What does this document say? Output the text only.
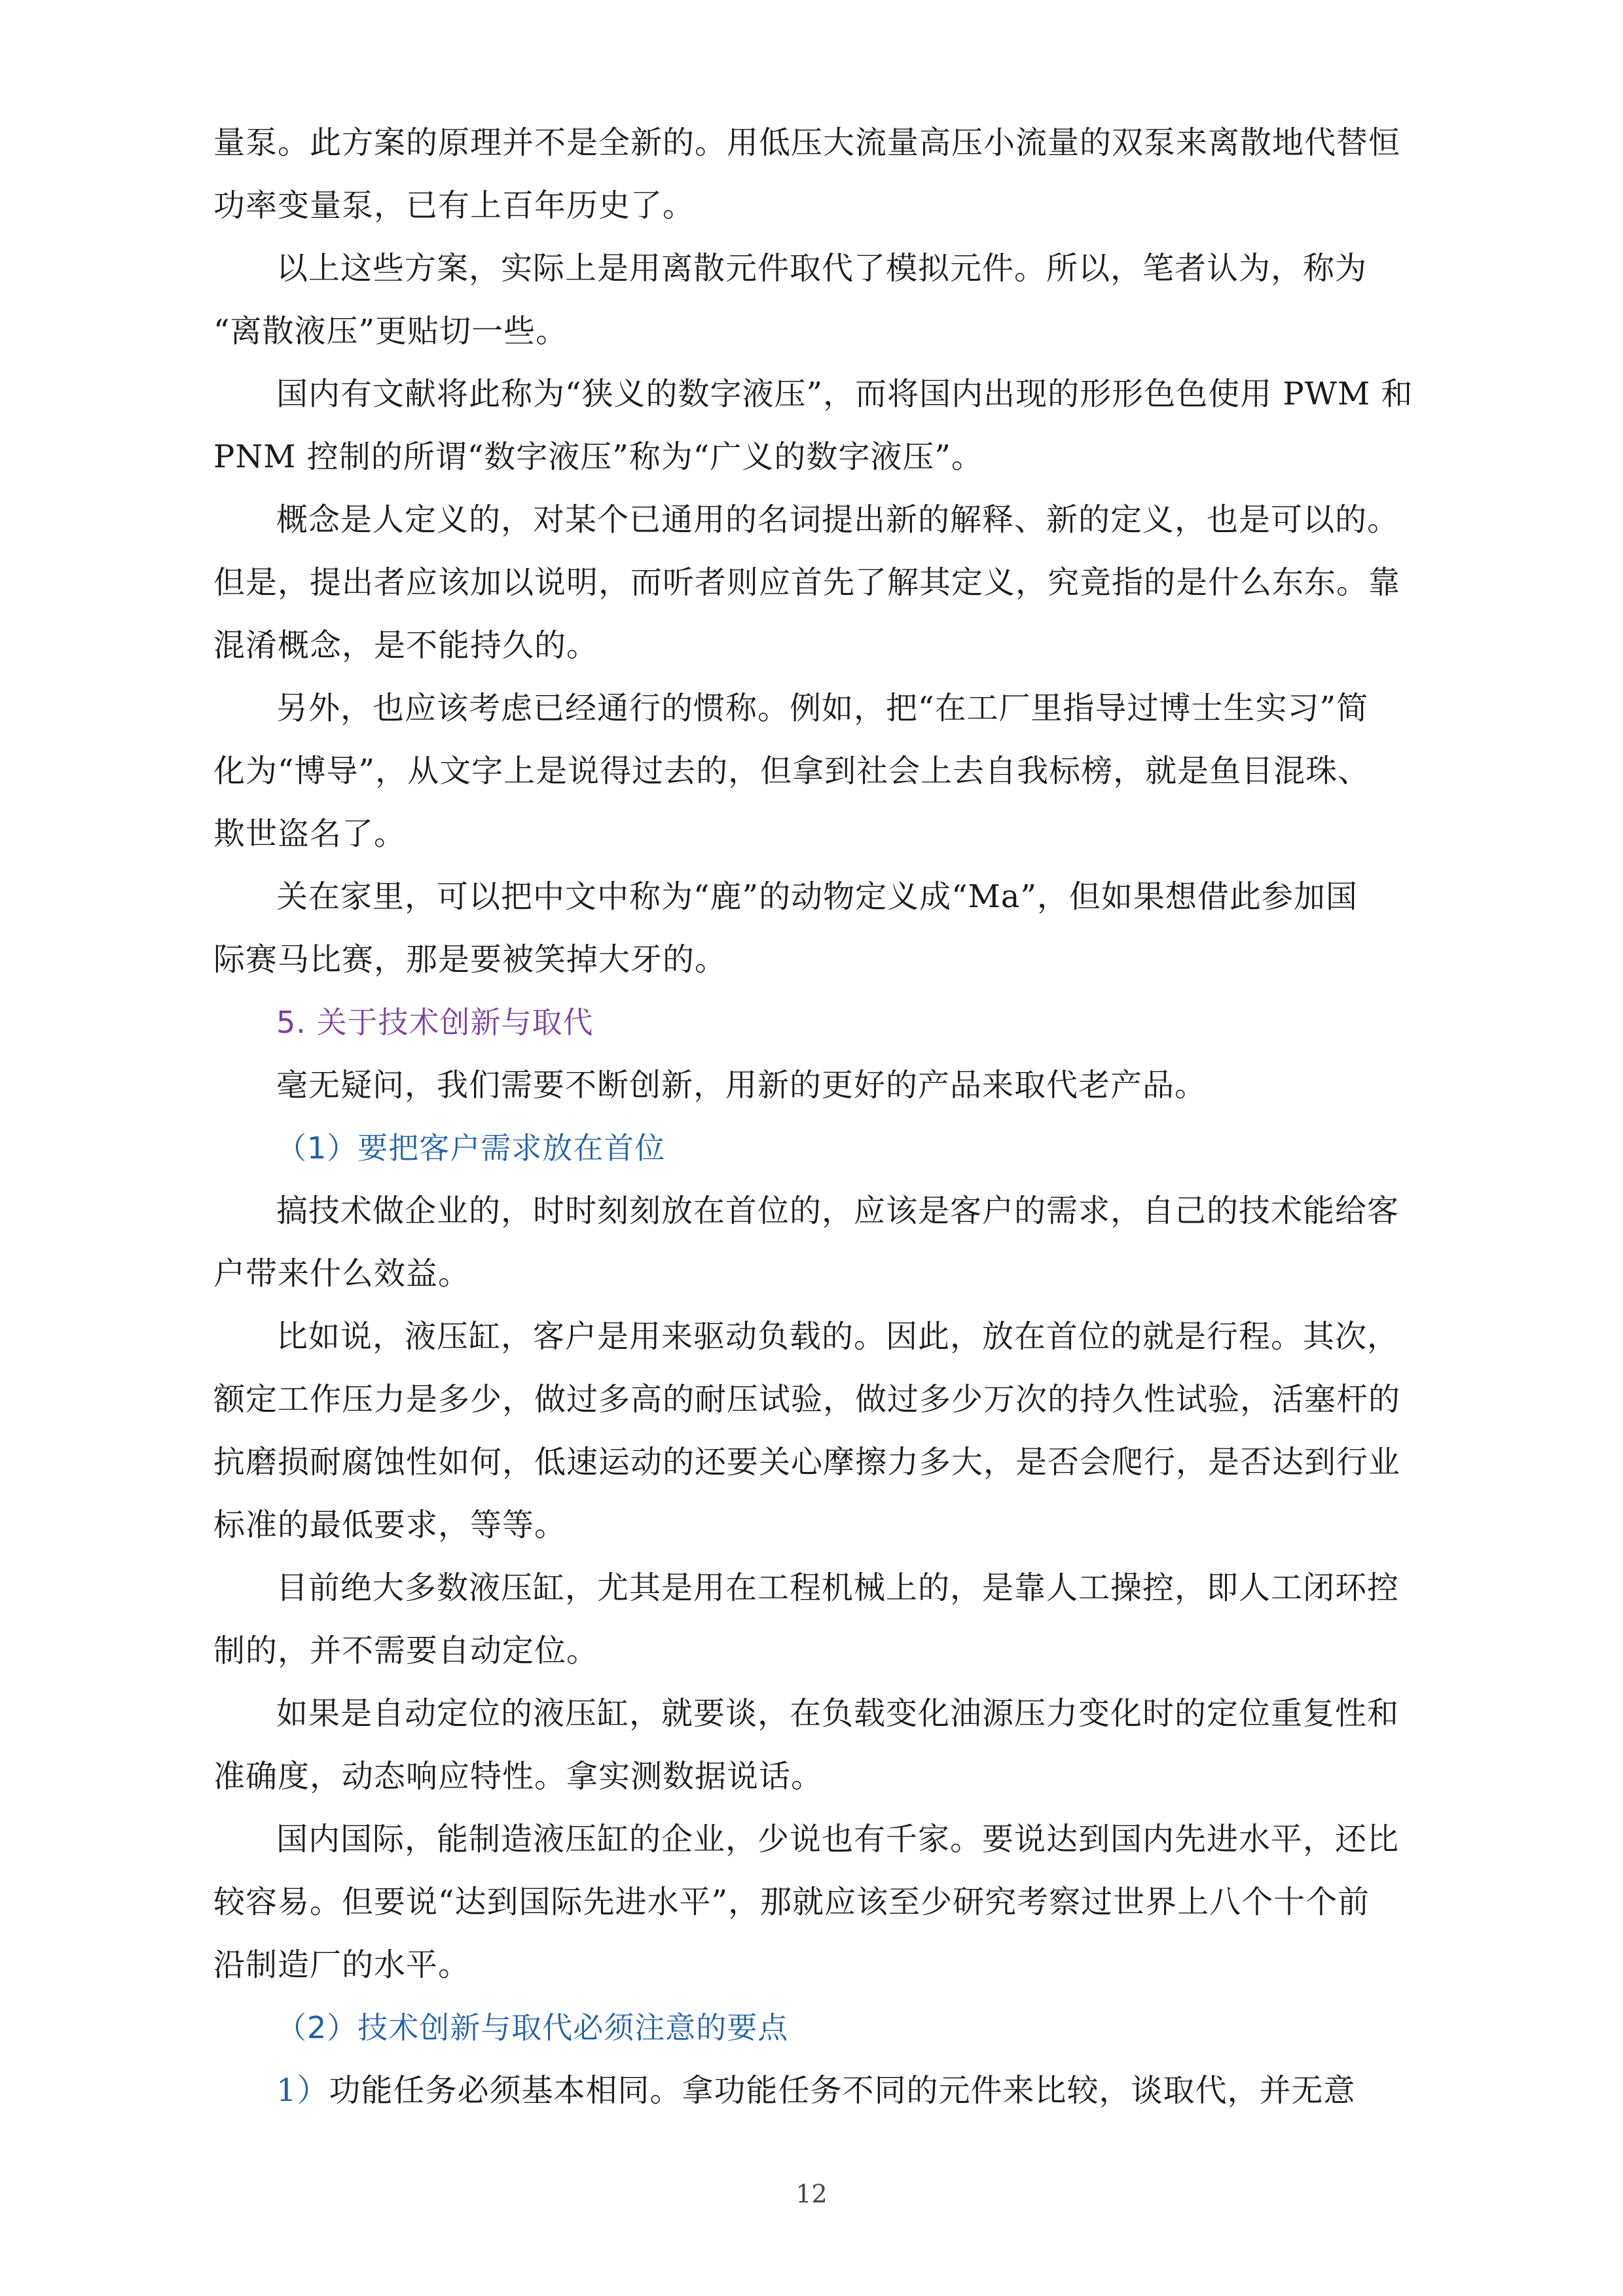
量泵。此方案的原理并不是全新的。用低压大流量高压小流量的双泵来离散地代替恒
功率变量泵，已有上百年历史了。
以上这些方案，实际上是用离散元件取代了模拟元件。所以，笔者认为，称为
“离散液压”更贴切一些。
国内有文献将此称为“狭义的数字液压”，而将国内出现的形形色色使用 PWM 和
PNM 控制的所谓“数字液压”称为“广义的数字液压”。
概念是人定义的，对某个已通用的名词提出新的解释、新的定义，也是可以的。
但是，提出者应该加以说明，而听者则应首先了解其定义，究竟指的是什么东东。靠
混淆概念，是不能持久的。
另外，也应该考虑已经通行的惯称。例如，把“在工厂里指导过博士生实习”简
化为“博导”，从文字上是说得过去的，但拿到社会上去自我标榜，就是鱼目混珠、
欺世盗名了。
关在家里，可以把中文中称为“鹿”的动物定义成“Ma”，但如果想借此参加国
际赛马比赛，那是要被笑掉大牙的。
5. 关于技术创新与取代
毫无疑问，我们需要不断创新，用新的更好的产品来取代老产品。
（1）要把客户需求放在首位
搞技术做企业的，时时刻刻放在首位的，应该是客户的需求，自己的技术能给客
户带来什么效益。
比如说，液压缸，客户是用来驱动负载的。因此，放在首位的就是行程。其次，
额定工作压力是多少，做过多高的耐压试验，做过多少万次的持久性试验，活塞杆的
抗磨损耐腐蚀性如何，低速运动的还要关心摩擦力多大，是否会爬行，是否达到行业
标准的最低要求，等等。
目前绝大多数液压缸，尤其是用在工程机械上的，是靠人工操控，即人工闭环控
制的，并不需要自动定位。
如果是自动定位的液压缸，就要谈，在负载变化油源压力变化时的定位重复性和
准确度，动态响应特性。拿实测数据说话。
国内国际，能制造液压缸的企业，少说也有千家。要说达到国内先进水平，还比
较容易。但要说“达到国际先进水平”，那就应该至少研究考察过世界上八个十个前
沿制造厂的水平。
（2）技术创新与取代必须注意的要点
1）功能任务必须基本相同。拿功能任务不同的元件来比较，谈取代，并无意
12
